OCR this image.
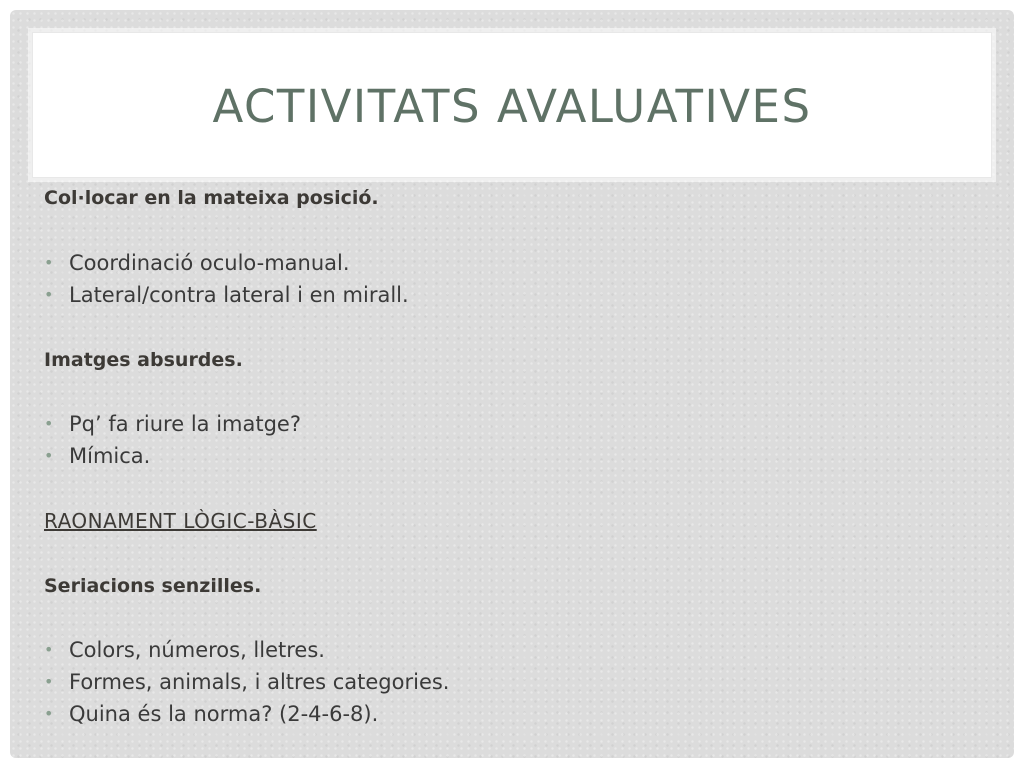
ACTIVITATS AVALUATIVES
Col·locar en la mateixa posició.
• Coordinació oculo-manual.
• Lateral/contra lateral i en mirall.
Imatges absurdes.
• Pq’ fa riure la imatge?
• Mímica.
RAONAMENT LÒGIC-BÀSIC
Seriacions senzilles.
• Colors, números, lletres.
• Formes, animals, i altres categories.
• Quina és la norma? (2-4-6-8).
